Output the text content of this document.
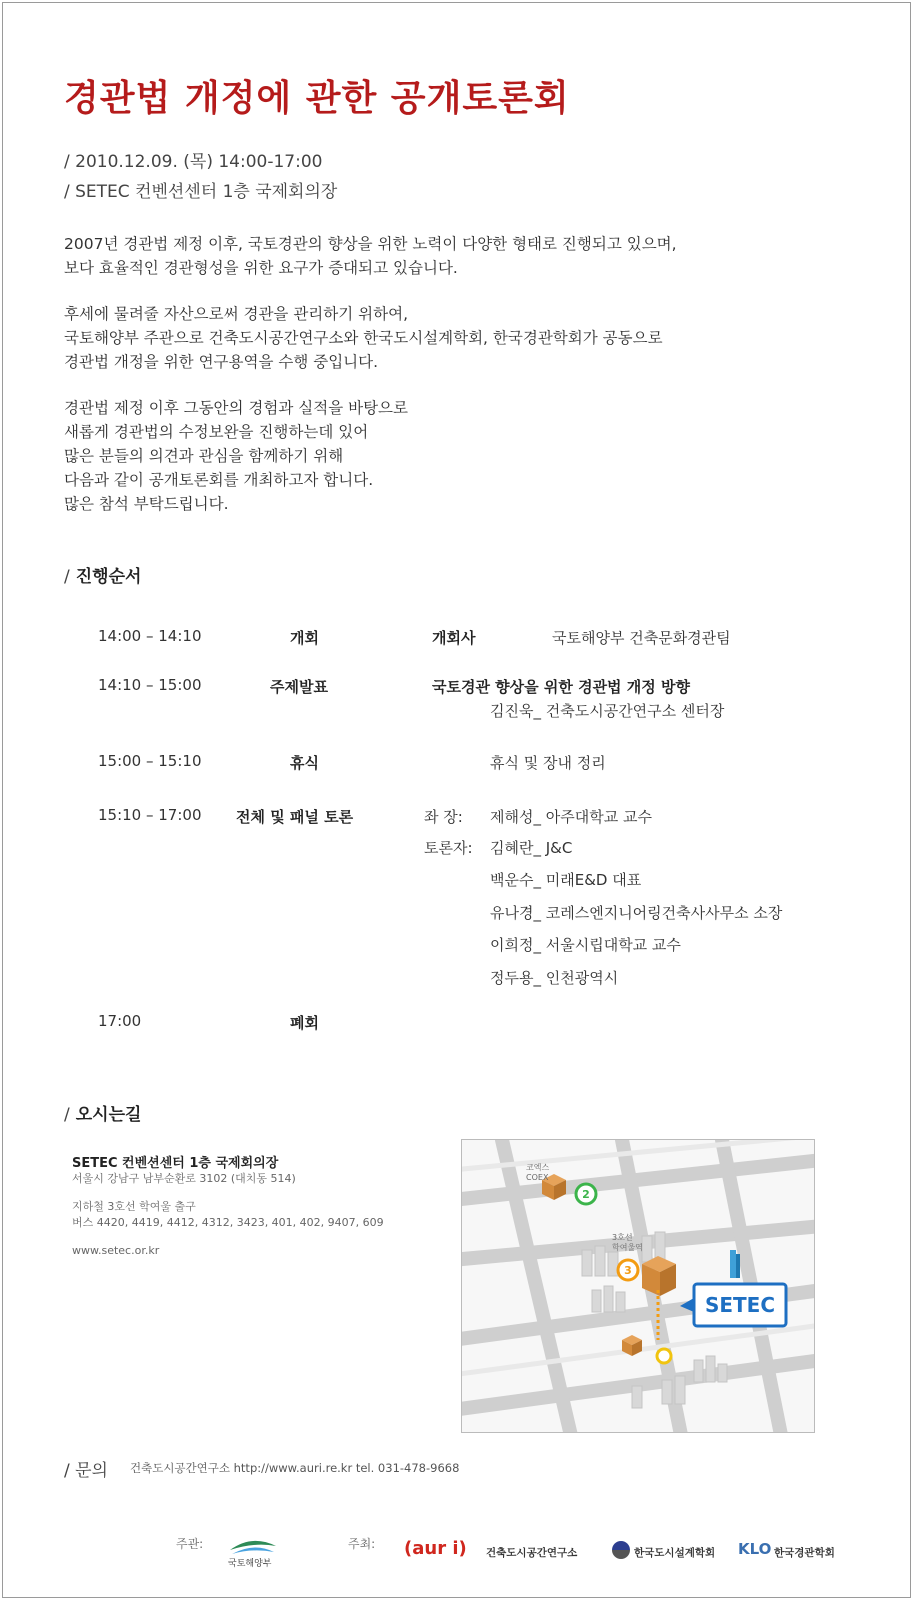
경관법 개정에 관한 공개토론회
/ 2010.12.09. (목) 14:00-17:00
/ SETEC 컨벤션센터 1층 국제회의장

2007년 경관법 제정 이후, 국토경관의 향상을 위한 노력이 다양한 형태로 진행되고 있으며,
보다 효율적인 경관형성을 위한 요구가 증대되고 있습니다.

후세에 물려줄 자산으로써 경관을 관리하기 위하여,
국토해양부 주관으로 건축도시공간연구소와 한국도시설계학회, 한국경관학회가 공동으로
경관법 개정을 위한 연구용역을 수행 중입니다.

경관법 제정 이후 그동안의 경험과 실적을 바탕으로
새롭게 경관법의 수정보완을 진행하는데 있어
많은 분들의 의견과 관심을 함께하기 위해
다음과 같이 공개토론회를 개최하고자 합니다.
많은 참석 부탁드립니다.

/ 진행순서
14:00 – 14:10	개회	개회사	국토해양부 건축문화경관팀
14:10 – 15:00	주제발표	국토경관 향상을 위한 경관법 개정 방향
김진욱_ 건축도시공간연구소 센터장
15:00 – 15:10	휴식	휴식 및 장내 정리
15:10 – 17:00 전체 및 패널 토론	좌 장: 제해성_ 아주대학교 교수
토론자: 김혜란_ J&C
백운수_ 미래E&D 대표
유나경_ 코레스엔지니어링건축사사무소 소장
이희정_ 서울시립대학교 교수
정두용_ 인천광역시
17:00	폐회
/ 오시는길
SETEC 컨벤션센터 1층 국제회의장
서울시 강남구 남부순환로 3102 (대치동 514)
지하철 3호선 학여울 출구
버스 4420, 4419, 4412, 4312, 3423, 401, 402, 9407, 609
www.setec.or.kr
코엑스
COEX
2
3
3호선
학여울역
SETEC
/ 문의 건축도시공간연구소 http://www.auri.re.kr tel. 031-478-9668
주관:
국토해양부
주최: (aur i) 건축도시공간연구소	한국도시설계학회 KLO 한국경관학회
